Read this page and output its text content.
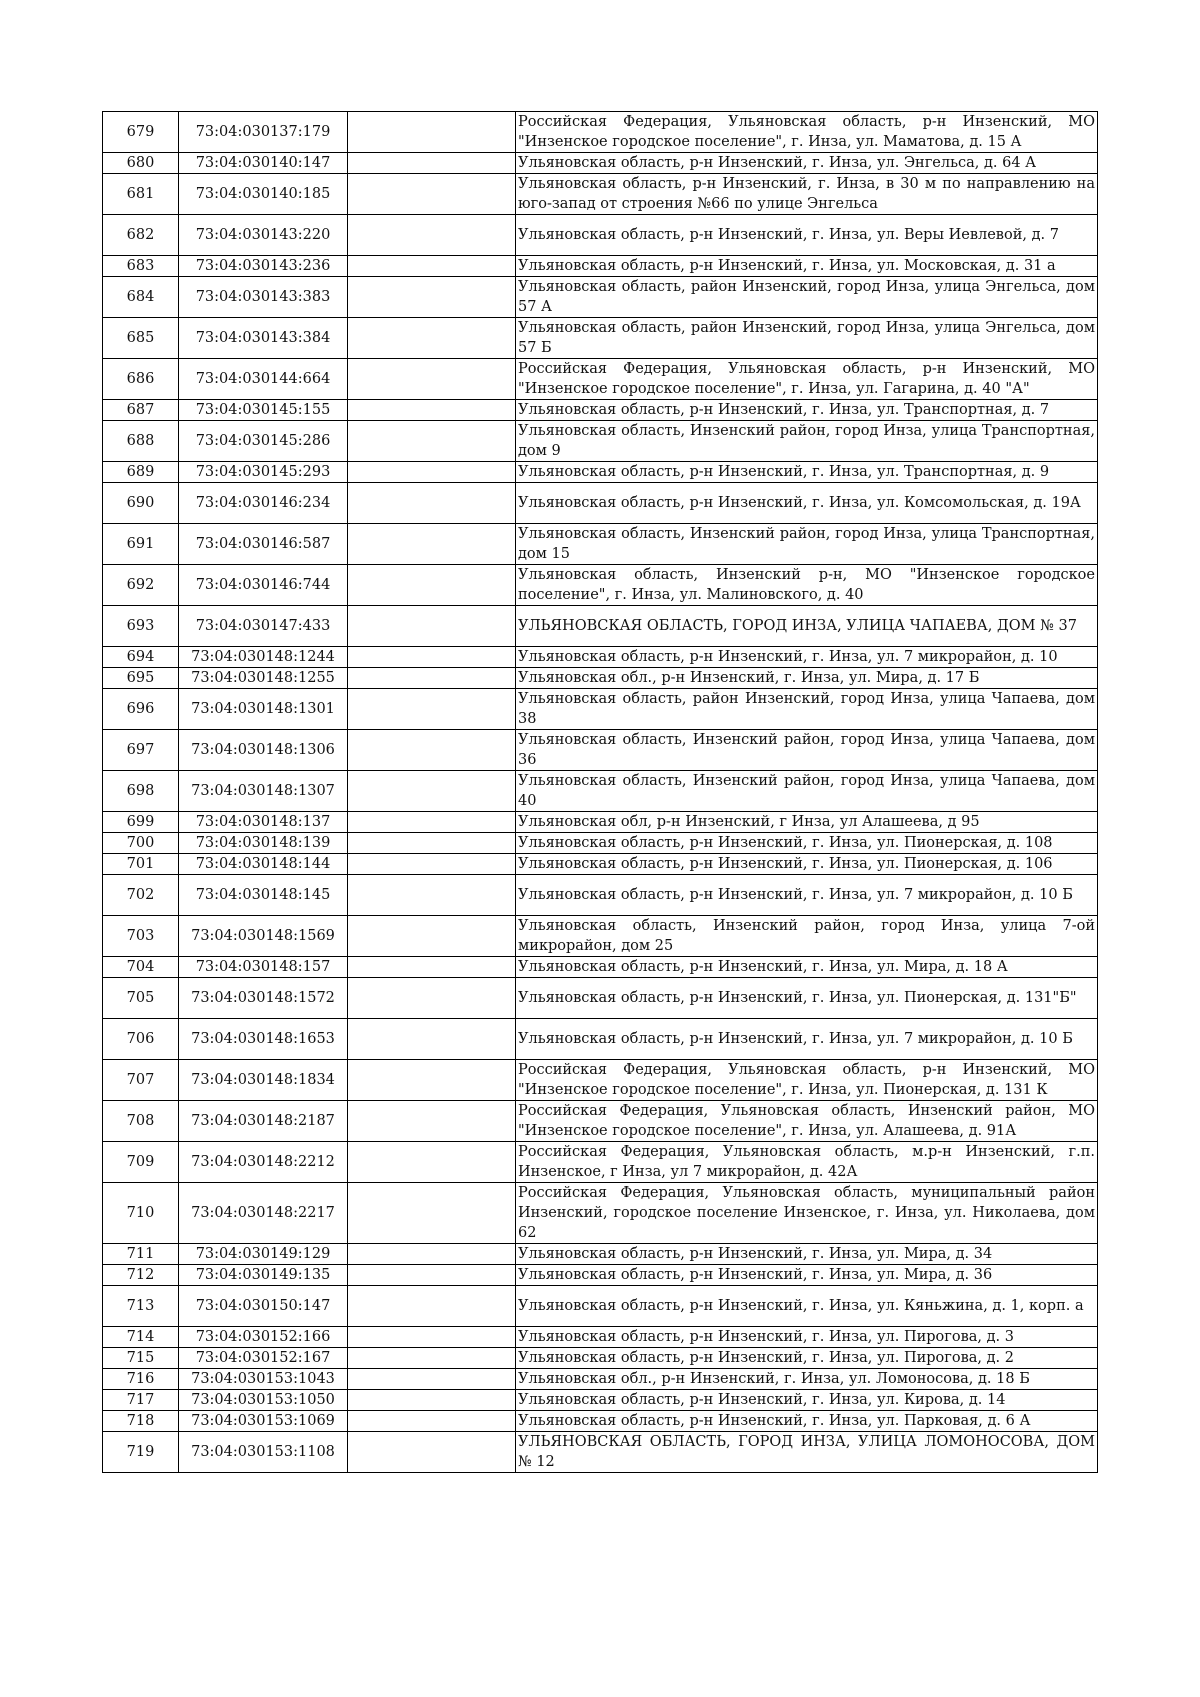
679	73:04:030137:179		Российская Федерация, Ульяновская область, р-н Инзенский, МО "Инзенское городское поселение", г. Инза, ул. Маматова, д. 15 А
680	73:04:030140:147		Ульяновская область, р-н Инзенский, г. Инза, ул. Энгельса, д. 64 А
681	73:04:030140:185		Ульяновская область, р-н Инзенский, г. Инза, в 30 м по направлению на юго-запад от строения №66 по улице Энгельса
682	73:04:030143:220		Ульяновская область, р-н Инзенский, г. Инза, ул. Веры Иевлевой, д. 7
683	73:04:030143:236		Ульяновская область, р-н Инзенский, г. Инза, ул. Московская, д. 31 а
684	73:04:030143:383		Ульяновская область, район Инзенский, город Инза, улица Энгельса, дом 57 А
685	73:04:030143:384		Ульяновская область, район Инзенский, город Инза, улица Энгельса, дом 57 Б
686	73:04:030144:664		Российская Федерация, Ульяновская область, р-н Инзенский, МО "Инзенское городское поселение", г. Инза, ул. Гагарина, д. 40 "А"
687	73:04:030145:155		Ульяновская область, р-н Инзенский, г. Инза, ул. Транспортная, д. 7
688	73:04:030145:286		Ульяновская область, Инзенский район, город Инза, улица Транспортная, дом 9
689	73:04:030145:293		Ульяновская область, р-н Инзенский, г. Инза, ул. Транспортная, д. 9
690	73:04:030146:234		Ульяновская область, р-н Инзенский, г. Инза, ул. Комсомольская, д. 19А
691	73:04:030146:587		Ульяновская область, Инзенский район, город Инза, улица Транспортная, дом 15
692	73:04:030146:744		Ульяновская область, Инзенский р-н, МО "Инзенское городское поселение", г. Инза, ул. Малиновского, д. 40
693	73:04:030147:433		УЛЬЯНОВСКАЯ ОБЛАСТЬ, ГОРОД ИНЗА, УЛИЦА ЧАПАЕВА, ДОМ № 37
694	73:04:030148:1244		Ульяновская область, р-н Инзенский, г. Инза, ул. 7 микрорайон, д. 10
695	73:04:030148:1255		Ульяновская обл., р-н Инзенский, г. Инза, ул. Мира, д. 17 Б
696	73:04:030148:1301		Ульяновская область, район Инзенский, город Инза, улица Чапаева, дом 38
697	73:04:030148:1306		Ульяновская область, Инзенский район, город Инза, улица Чапаева, дом 36
698	73:04:030148:1307		Ульяновская область, Инзенский район, город Инза, улица Чапаева, дом 40
699	73:04:030148:137		Ульяновская обл, р-н Инзенский, г Инза, ул Алашеева, д 95
700	73:04:030148:139		Ульяновская область, р-н Инзенский, г. Инза, ул. Пионерская, д. 108
701	73:04:030148:144		Ульяновская область, р-н Инзенский, г. Инза, ул. Пионерская, д. 106
702	73:04:030148:145		Ульяновская область, р-н Инзенский, г. Инза, ул. 7 микрорайон, д. 10 Б
703	73:04:030148:1569		Ульяновская область, Инзенский район, город Инза, улица 7-ой микрорайон, дом 25
704	73:04:030148:157		Ульяновская область, р-н Инзенский, г. Инза, ул. Мира, д. 18 А
705	73:04:030148:1572		Ульяновская область, р-н Инзенский, г. Инза, ул. Пионерская, д. 131"Б"
706	73:04:030148:1653		Ульяновская область, р-н Инзенский, г. Инза, ул. 7 микрорайон, д. 10 Б
707	73:04:030148:1834		Российская Федерация, Ульяновская область, р-н Инзенский, МО "Инзенское городское поселение", г. Инза, ул. Пионерская, д. 131 К
708	73:04:030148:2187		Российская Федерация, Ульяновская область, Инзенский район, МО "Инзенское городское поселение", г. Инза, ул. Алашеева, д. 91А
709	73:04:030148:2212		Российская Федерация, Ульяновская область, м.р-н Инзенский, г.п. Инзенское, г Инза, ул 7 микрорайон, д. 42А
710	73:04:030148:2217		Российская Федерация, Ульяновская область, муниципальный район Инзенский, городское поселение Инзенское, г. Инза, ул. Николаева, дом 62
711	73:04:030149:129		Ульяновская область, р-н Инзенский, г. Инза, ул. Мира, д. 34
712	73:04:030149:135		Ульяновская область, р-н Инзенский, г. Инза, ул. Мира, д. 36
713	73:04:030150:147		Ульяновская область, р-н Инзенский, г. Инза, ул. Кяньжина, д. 1, корп. а
714	73:04:030152:166		Ульяновская область, р-н Инзенский, г. Инза, ул. Пирогова, д. 3
715	73:04:030152:167		Ульяновская область, р-н Инзенский, г. Инза, ул. Пирогова, д. 2
716	73:04:030153:1043		Ульяновская обл., р-н Инзенский, г. Инза, ул. Ломоносова, д. 18 Б
717	73:04:030153:1050		Ульяновская область, р-н Инзенский, г. Инза, ул. Кирова, д. 14
718	73:04:030153:1069		Ульяновская область, р-н Инзенский, г. Инза, ул. Парковая, д. 6 А
719	73:04:030153:1108		УЛЬЯНОВСКАЯ ОБЛАСТЬ, ГОРОД ИНЗА, УЛИЦА ЛОМОНОСОВА, ДОМ № 12
